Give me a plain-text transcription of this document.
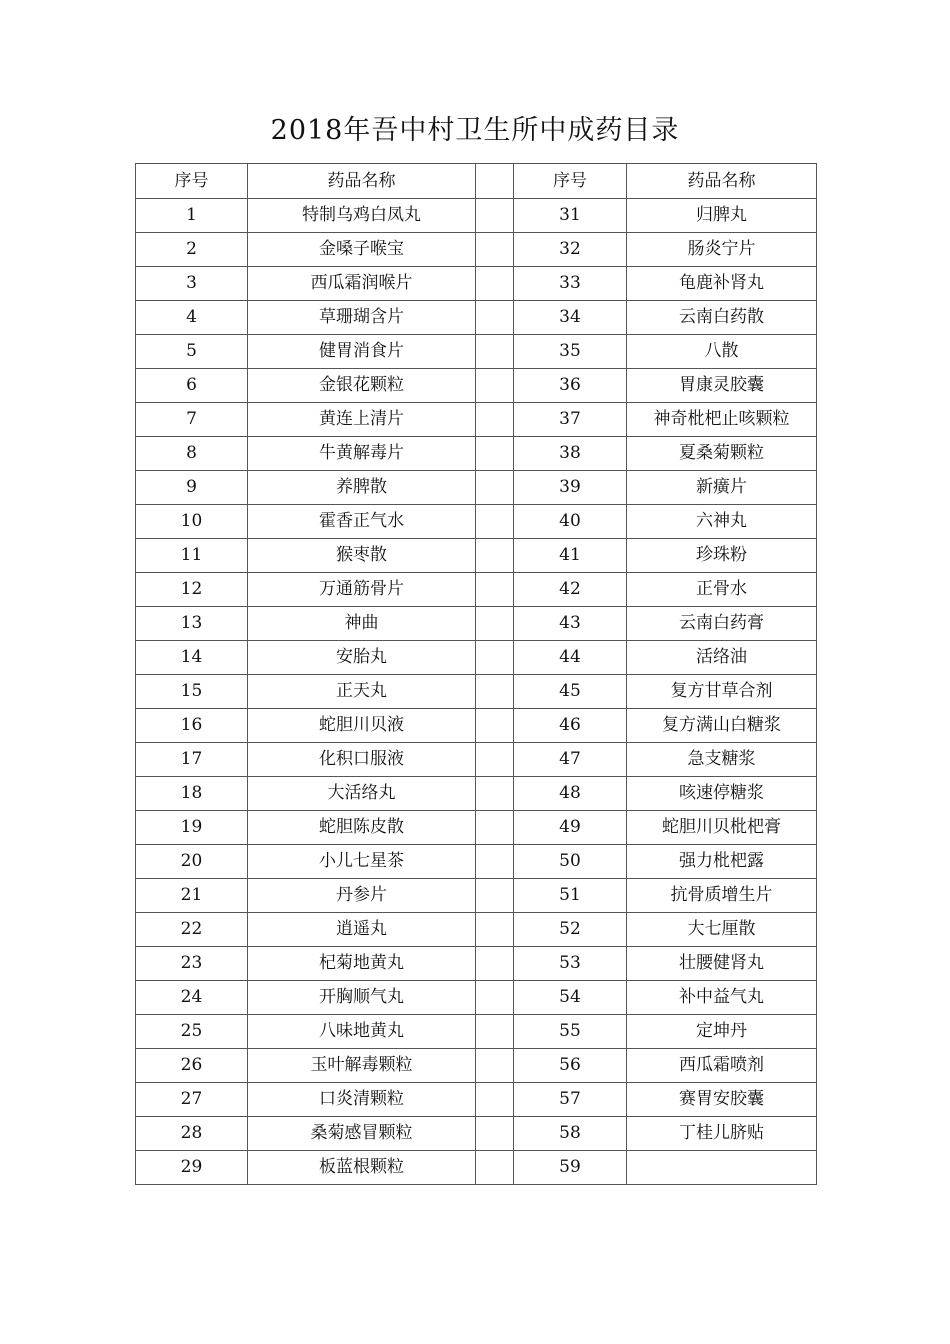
2018年吾中村卫生所中成药目录
序号	药品名称		序号	药品名称
1	特制乌鸡白凤丸		31	归脾丸
2	金嗓子喉宝		32	肠炎宁片
3	西瓜霜润喉片		33	龟鹿补肾丸
4	草珊瑚含片		34	云南白药散
5	健胃消食片		35	八散
6	金银花颗粒		36	胃康灵胶囊
7	黄连上清片		37	神奇枇杷止咳颗粒
8	牛黄解毒片		38	夏桑菊颗粒
9	养脾散		39	新癀片
10	霍香正气水		40	六神丸
11	猴枣散		41	珍珠粉
12	万通筋骨片		42	正骨水
13	神曲		43	云南白药膏
14	安胎丸		44	活络油
15	正天丸		45	复方甘草合剂
16	蛇胆川贝液		46	复方满山白糖浆
17	化积口服液		47	急支糖浆
18	大活络丸		48	咳速停糖浆
19	蛇胆陈皮散		49	蛇胆川贝枇杷膏
20	小儿七星茶		50	强力枇杷露
21	丹参片		51	抗骨质增生片
22	逍遥丸		52	大七厘散
23	杞菊地黄丸		53	壮腰健肾丸
24	开胸顺气丸		54	补中益气丸
25	八味地黄丸		55	定坤丹
26	玉叶解毒颗粒		56	西瓜霜喷剂
27	口炎清颗粒		57	赛胃安胶囊
28	桑菊感冒颗粒		58	丁桂儿脐贴
29	板蓝根颗粒		59	
